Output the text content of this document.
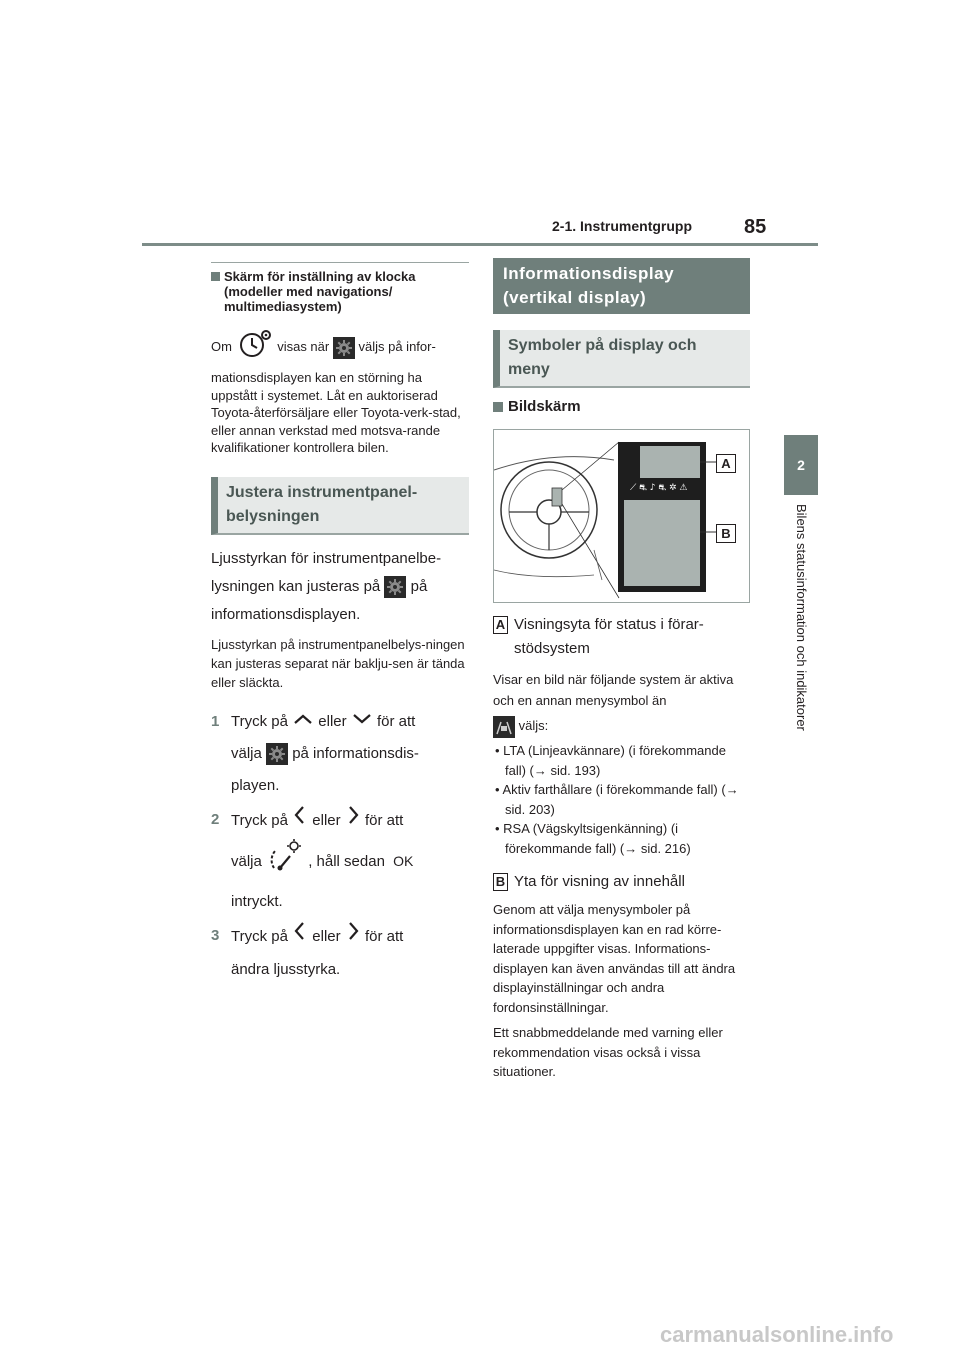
2-1. Instrumentgrupp	85
2
Bilens statusinformation och indikatorer
Skärm för inställning av klocka (modeller med navigations/ multimediasystem)

Om	visas när väljs på infor-

mationsdisplayen kan en störning ha uppstått i systemet. Låt en auktoriserad Toyota-återförsäljare eller Toyota-verk-stad, eller annan verkstad med motsva-rande kvalifikationer kontrollera bilen.

Justera instrumentpanel-belysningen

Ljusstyrkan för instrumentpanelbe-lysningen kan justeras på på informationsdisplayen.

Ljusstyrkan på instrumentpanelbelys-ningen kan justeras separat när baklju-sen är tända eller släckta.

1 Tryck på eller för att
välja på informationsdis-
playen.
2 Tryck på eller för att
välja	, håll sedan OK
intryckt.
3 Tryck på eller för att
ändra ljusstyrka.
Informationsdisplay (vertikal display)
Symboler på display och meny
Bildskärm
⟋ ⛐ ♪ ⛐ ✲ ⚠
A
B
A Visningsyta för status i förar-stödsystem

Visar en bild när följande system är aktiva och en annan menysymbol än

väljs:

• LTA (Linjeavkännare) (i förekommande fall) (→ sid. 193)

• Aktiv farthållare (i förekommande fall) (→ sid. 203)

• RSA (Vägskyltsigenkänning) (i förekommande fall) (→ sid. 216)

B Yta för visning av innehåll

Genom att välja menysymboler på informationsdisplayen kan en rad körre-laterade uppgifter visas. Informations-displayen kan även användas till att ändra displayinställningar och andra fordonsinställningar.

Ett snabbmeddelande med varning eller rekommendation visas också i vissa situationer.

carmanualsonline.info
